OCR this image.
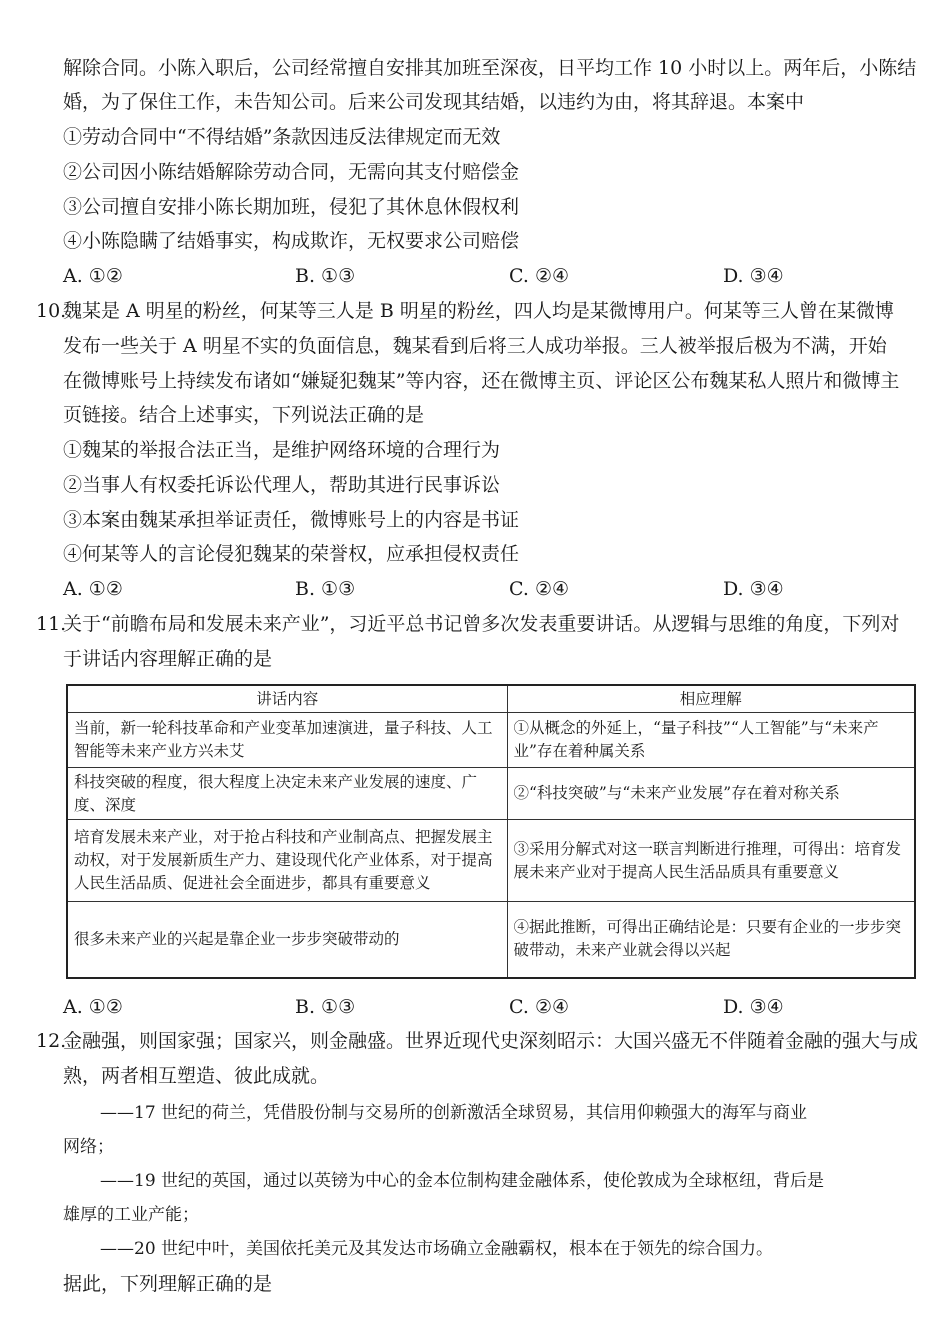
解除合同。小陈入职后，公司经常擅自安排其加班至深夜，日平均工作 10 小时以上。两年后，小陈结
婚，为了保住工作，未告知公司。后来公司发现其结婚，以违约为由，将其辞退。本案中
①劳动合同中“不得结婚”条款因违反法律规定而无效
②公司因小陈结婚解除劳动合同，无需向其支付赔偿金
③公司擅自安排小陈长期加班，侵犯了其休息休假权利
④小陈隐瞒了结婚事实，构成欺诈，无权要求公司赔偿
A. ①②	B. ①③	C. ②④	D. ③④
10.
魏某是 A 明星的粉丝，何某等三人是 B 明星的粉丝，四人均是某微博用户。何某等三人曾在某微博
发布一些关于 A 明星不实的负面信息，魏某看到后将三人成功举报。三人被举报后极为不满，开始
在微博账号上持续发布诸如“嫌疑犯魏某”等内容，还在微博主页、评论区公布魏某私人照片和微博主
页链接。结合上述事实，下列说法正确的是
①魏某的举报合法正当，是维护网络环境的合理行为
②当事人有权委托诉讼代理人，帮助其进行民事诉讼
③本案由魏某承担举证责任，微博账号上的内容是书证
④何某等人的言论侵犯魏某的荣誉权，应承担侵权责任
A. ①②	B. ①③	C. ②④	D. ③④
11.
关于“前瞻布局和发展未来产业”，习近平总书记曾多次发表重要讲话。从逻辑与思维的角度，下列对
于讲话内容理解正确的是
讲话内容	相应理解
当前，新一轮科技革命和产业变革加速演进，量子科技、人工智能等未来产业方兴未艾	①从概念的外延上，“量子科技”“人工智能”与“未来产业”存在着种属关系
科技突破的程度，很大程度上决定未来产业发展的速度、广度、深度	②“科技突破”与“未来产业发展”存在着对称关系
培育发展未来产业，对于抢占科技和产业制高点、把握发展主动权，对于发展新质生产力、建设现代化产业体系，对于提高人民生活品质、促进社会全面进步，都具有重要意义	③采用分解式对这一联言判断进行推理，可得出：培育发展未来产业对于提高人民生活品质具有重要意义
很多未来产业的兴起是靠企业一步步突破带动的	④据此推断，可得出正确结论是：只要有企业的一步步突破带动，未来产业就会得以兴起
A. ①②	B. ①③	C. ②④	D. ③④
12.
金融强，则国家强；国家兴，则金融盛。世界近现代史深刻昭示：大国兴盛无不伴随着金融的强大与成
熟，两者相互塑造、彼此成就。
——17 世纪的荷兰，凭借股份制与交易所的创新激活全球贸易，其信用仰赖强大的海军与商业
网络；
——19 世纪的英国，通过以英镑为中心的金本位制构建金融体系，使伦敦成为全球枢纽，背后是
雄厚的工业产能；
——20 世纪中叶，美国依托美元及其发达市场确立金融霸权，根本在于领先的综合国力。
据此，下列理解正确的是
